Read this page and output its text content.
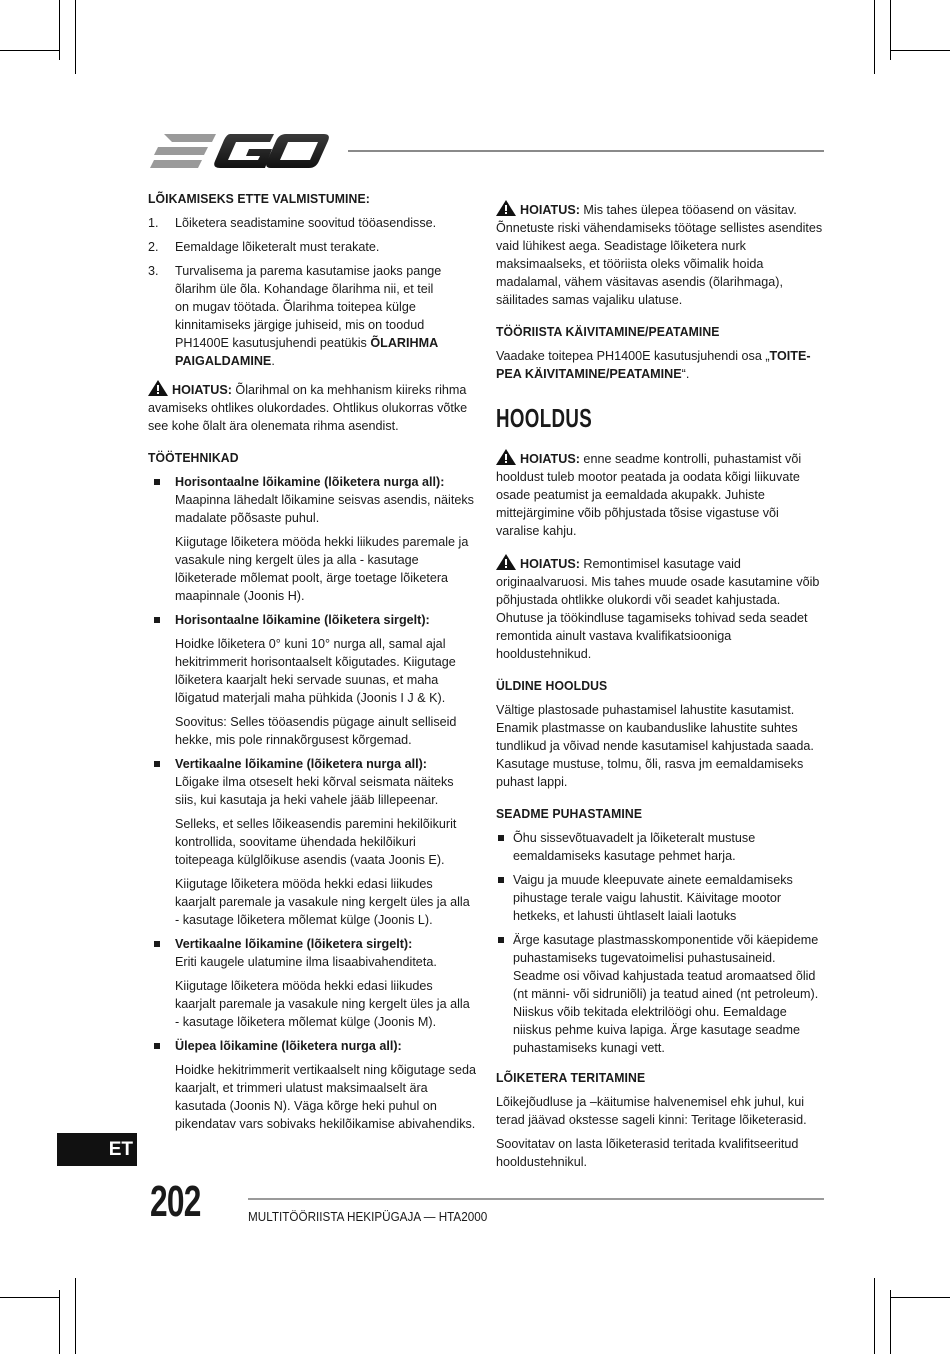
LÕIKAMISEKS ETTE VALMISTUMINE:
1. Lõiketera seadistamine soovitud tööasendisse.
2. Eemaldage lõiketeralt must terakate.
3. Turvalisema ja parema kasutamise jaoks pange
õlarihm üle õla. Kohandage õlarihma nii, et teil
on mugav töötada. Õlarihma toitepea külge
kinnitamiseks järgige juhiseid, mis on toodud
PH1400E kasutusjuhendi peatükis ÕLARIHMA PAIGALDAMINE.

HOIATUS: Õlarihmal on ka mehhanism kiireks rihma avamiseks ohtlikes olukordades. Ohtlikus olukorras võtke see kohe õlalt ära olenemata rihma asendist.

TÖÖTEHNIKAD
Horisontaalne lõikamine (lõiketera nurga all):
Maapinna lähedalt lõikamine seisvas asendis, näiteks madalate põõsaste puhul.

Kiigutage lõiketera mööda hekki liikudes paremale ja vasakule ning kergelt üles ja alla - kasutage lõiketerade mõlemat poolt, ärge toetage lõiketera maapinnale (Joonis H).

Horisontaalne lõikamine (lõiketera sirgelt):

Hoidke lõiketera 0° kuni 10° nurga all, samal ajal hekitrimmerit horisontaalselt kõigutades. Kiigutage lõiketera kaarjalt heki servade suunas, et maha lõigatud materjali maha pühkida (Joonis I J & K).

Soovitus: Selles tööasendis pügage ainult selliseid hekke, mis pole rinnakõrgusest kõrgemad.

Vertikaalne lõikamine (lõiketera nurga all):
Lõigake ilma otseselt heki kõrval seismata näiteks siis, kui kasutaja ja heki vahele jääb lillepeenar.

Selleks, et selles lõikeasendis paremini hekilõikurit kontrollida, soovitame ühendada hekilõikuri toitepeaga külglõikuse asendis (vaata Joonis E).

Kiigutage lõiketera mööda hekki edasi liikudes kaarjalt paremale ja vasakule ning kergelt üles ja alla - kasutage lõiketera mõlemat külge (Joonis L).

Vertikaalne lõikamine (lõiketera sirgelt):
Eriti kaugele ulatumine ilma lisaabivahenditeta.

Kiigutage lõiketera mööda hekki edasi liikudes kaarjalt paremale ja vasakule ning kergelt üles ja alla - kasutage lõiketera mõlemat külge (Joonis M).

Ülepea lõikamine (lõiketera nurga all):

Hoidke hekitrimmerit vertikaalselt ning kõigutage seda kaarjalt, et trimmeri ulatust maksimaalselt ära kasutada (Joonis N). Väga kõrge heki puhul on pikendatav vars sobivaks hekilõikamise abivahendiks.

HOIATUS: Mis tahes ülepea tööasend on väsitav. Õnnetuste riski vähendamiseks töötage sellistes asendites vaid lühikest aega. Seadistage lõiketera nurk maksimaalseks, et tööriista oleks võimalik hoida madalamal, vähem väsitavas asendis (õlarihmaga), säilitades samas vajaliku ulatuse.

TÖÖRIISTA KÄIVITAMINE/PEATAMINE

Vaadake toitepea PH1400E kasutusjuhendi osa „TOITE-PEA KÄIVITAMINE/PEATAMINE“.

HOOLDUS

HOIATUS: enne seadme kontrolli, puhastamist või hooldust tuleb mootor peatada ja oodata kõigi liikuvate osade peatumist ja eemaldada akupakk. Juhiste mittejärgimine võib põhjustada tõsise vigastuse või varalise kahju.

HOIATUS: Remontimisel kasutage vaid originaalvaruosi. Mis tahes muude osade kasutamine võib põhjustada ohtlikke olukordi või seadet kahjustada. Ohutuse ja töökindluse tagamiseks tohivad seda seadet remontida ainult vastava kvalifikatsiooniga hooldustehnikud.

ÜLDINE HOOLDUS

Vältige plastosade puhastamisel lahustite kasutamist. Enamik plastmasse on kaubanduslike lahustite suhtes tundlikud ja võivad nende kasutamisel kahjustada saada. Kasutage mustuse, tolmu, õli, rasva jm eemaldamiseks puhast lappi.

SEADME PUHASTAMINE
Õhu sissevõtuavadelt ja lõiketeralt mustuse eemaldamiseks kasutage pehmet harja.
Vaigu ja muude kleepuvate ainete eemaldamiseks pihustage terale vaigu lahustit. Käivitage mootor hetkeks, et lahusti ühtlaselt laiali laotuks
Ärge kasutage plastmasskomponentide või käepideme puhastamiseks tugevatoimelisi puhastusaineid. Seadme osi võivad kahjustada teatud aromaatsed õlid (nt männi- või sidruniõli) ja teatud ained (nt petroleum). Niiskus võib tekitada elektrilöögi ohu. Eemaldage niiskus pehme kuiva lapiga. Ärge kasutage seadme puhastamiseks kunagi vett.
LÕIKETERA TERITAMINE

Lõikejõudluse ja –käitumise halvenemisel ehk juhul, kui terad jäävad okstesse sageli kinni: Teritage lõiketerasid.

Soovitatav on lasta lõiketerasid teritada kvalifitseeritud hooldustehnikul.

ET
202	MULTITÖÖRIISTA HEKIPÜGAJA — HTA2000
